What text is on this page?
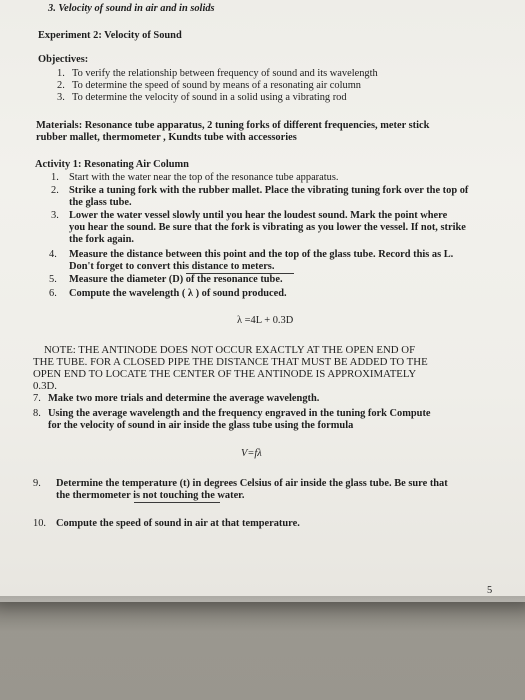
3. Velocity of sound in air and in solids
Experiment 2: Velocity of Sound
Objectives:
1. To verify the relationship between frequency of sound and its wavelength
2. To determine the speed of sound by means of a resonating air column
3. To determine the velocity of sound in a solid using a vibrating rod
Materials: Resonance tube apparatus, 2 tuning forks of different frequencies, meter stick
rubber mallet, thermometer , Kundts tube with accessories
Activity 1: Resonating Air Column
1. Start with the water near the top of the resonance tube apparatus.
2. Strike a tuning fork with the rubber mallet. Place the vibrating tuning fork over the top of
the glass tube.
3. Lower the water vessel slowly until you hear the loudest sound. Mark the point where
you hear the sound. Be sure that the fork is vibrating as you lower the vessel. If not, strike
the fork again.
4. Measure the distance between this point and the top of the glass tube. Record this as L.
Don't forget to convert this distance to meters.
5. Measure the diameter (D) of the resonance tube.
6. Compute the wavelength ( λ ) of sound produced.
λ =4L + 0.3D
NOTE: THE ANTINODE DOES NOT OCCUR EXACTLY AT THE OPEN END OF
THE TUBE. FOR A CLOSED PIPE THE DISTANCE THAT MUST BE ADDED TO THE
OPEN END TO LOCATE THE CENTER OF THE ANTINODE IS APPROXIMATELY
0.3D.
7. Make two more trials and determine the average wavelength.
8. Using the average wavelength and the frequency engraved in the tuning fork Compute
for the velocity of sound in air inside the glass tube using the formula
V=fλ
9. Determine the temperature (t) in degrees Celsius of air inside the glass tube. Be sure that
the thermometer is not touching the water.
10. Compute the speed of sound in air at that temperature.
5
